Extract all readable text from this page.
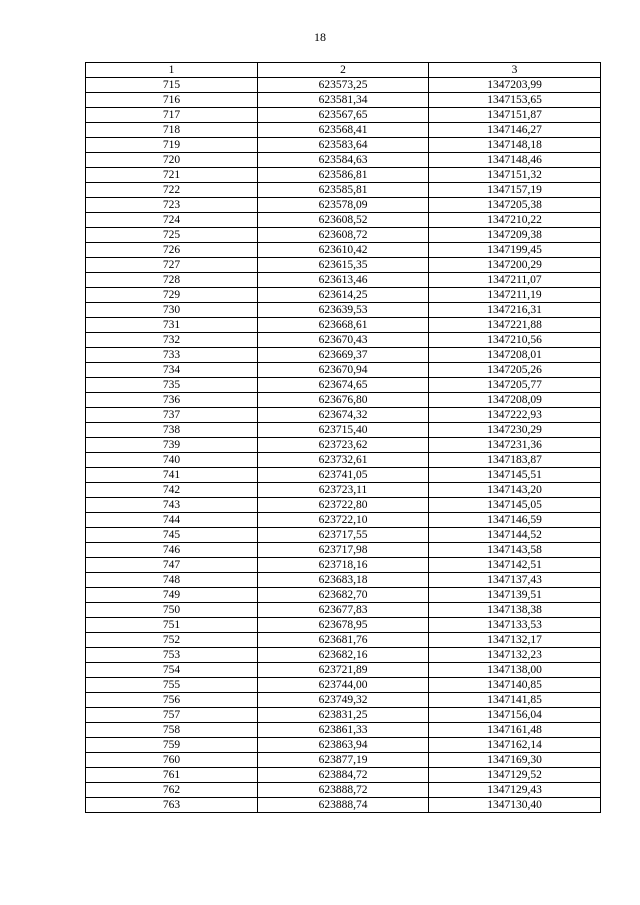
18
1	2	3
715	623573,25	1347203,99
716	623581,34	1347153,65
717	623567,65	1347151,87
718	623568,41	1347146,27
719	623583,64	1347148,18
720	623584,63	1347148,46
721	623586,81	1347151,32
722	623585,81	1347157,19
723	623578,09	1347205,38
724	623608,52	1347210,22
725	623608,72	1347209,38
726	623610,42	1347199,45
727	623615,35	1347200,29
728	623613,46	1347211,07
729	623614,25	1347211,19
730	623639,53	1347216,31
731	623668,61	1347221,88
732	623670,43	1347210,56
733	623669,37	1347208,01
734	623670,94	1347205,26
735	623674,65	1347205,77
736	623676,80	1347208,09
737	623674,32	1347222,93
738	623715,40	1347230,29
739	623723,62	1347231,36
740	623732,61	1347183,87
741	623741,05	1347145,51
742	623723,11	1347143,20
743	623722,80	1347145,05
744	623722,10	1347146,59
745	623717,55	1347144,52
746	623717,98	1347143,58
747	623718,16	1347142,51
748	623683,18	1347137,43
749	623682,70	1347139,51
750	623677,83	1347138,38
751	623678,95	1347133,53
752	623681,76	1347132,17
753	623682,16	1347132,23
754	623721,89	1347138,00
755	623744,00	1347140,85
756	623749,32	1347141,85
757	623831,25	1347156,04
758	623861,33	1347161,48
759	623863,94	1347162,14
760	623877,19	1347169,30
761	623884,72	1347129,52
762	623888,72	1347129,43
763	623888,74	1347130,40
